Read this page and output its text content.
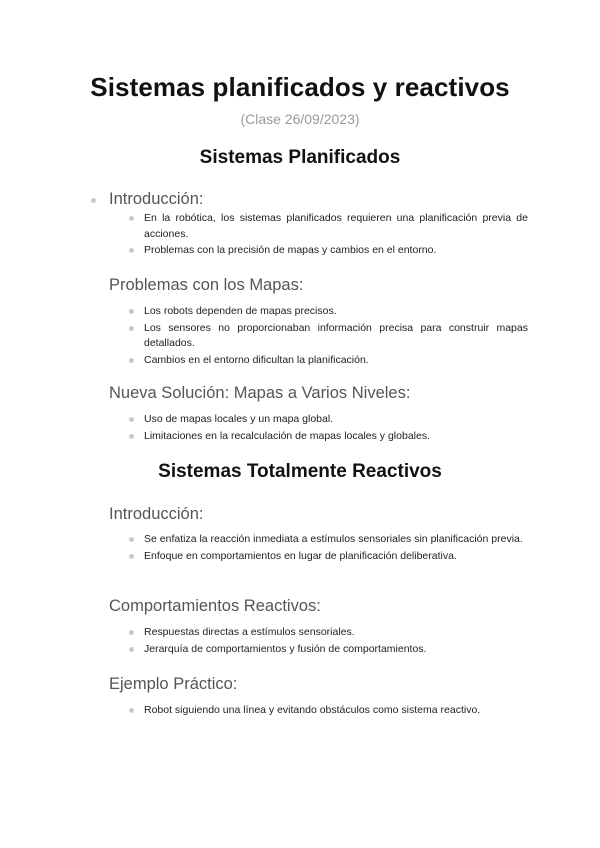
Sistemas planificados y reactivos
(Clase 26/09/2023)
Sistemas Planificados
Introducción:
En la robótica, los sistemas planificados requieren una planificación previa de acciones.
Problemas con la precisión de mapas y cambios en el entorno.
Problemas con los Mapas:
Los robots dependen de mapas precisos.
Los sensores no proporcionaban información precisa para construir mapas detallados.
Cambios en el entorno dificultan la planificación.
Nueva Solución: Mapas a Varios Niveles:
Uso de mapas locales y un mapa global.
Limitaciones en la recalculación de mapas locales y globales.
Sistemas Totalmente Reactivos
Introducción:
Se enfatiza la reacción inmediata a estímulos sensoriales sin planificación previa.
Enfoque en comportamientos en lugar de planificación deliberativa.
Comportamientos Reactivos:
Respuestas directas a estímulos sensoriales.
Jerarquía de comportamientos y fusión de comportamientos.
Ejemplo Práctico:
Robot siguiendo una línea y evitando obstáculos como sistema reactivo.
